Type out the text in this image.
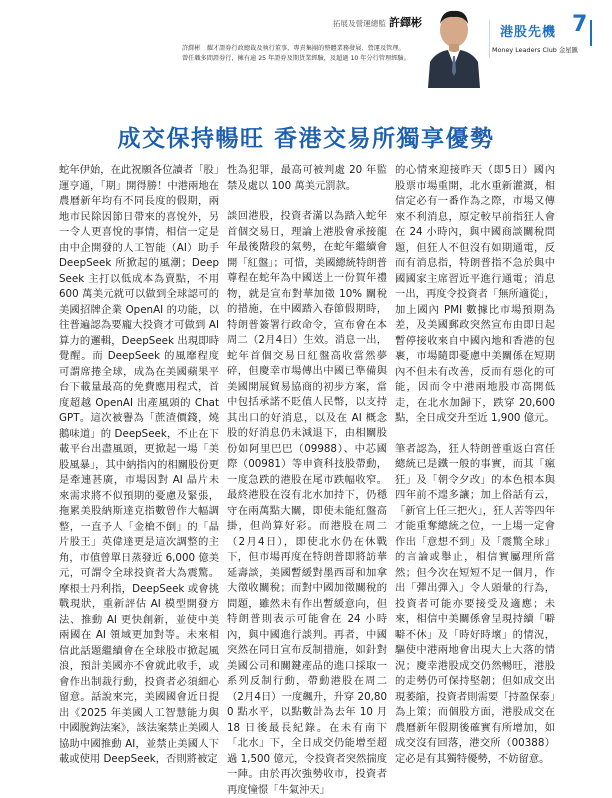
拓展及營運總監 許繹彬
許繹彬　耀才證券行政總裁及執行董事，專責集團的整體業務發展、營運及管理。
曾任職多間證券行，擁有逾 25 年證券及期貨業經驗，及超過 10 年分行管理經驗。
港股先機 7
Money Leaders Club 金星匯
成交保持暢旺 香港交易所獨享優勢

蛇年伊始，在此祝願各位讀者「股」運亨通，「期」開得勝！中港兩地在農曆新年均有不同長度的假期，兩地市民除因節日帶來的喜悅外，另一令人更喜悅的事情，相信一定是由中企開發的人工智能（AI）助手 DeepSeek 所掀起的風潮；DeepSeek 主打以低成本為賣點，不用 600 萬美元就可以做到全球認可的美國招牌企業 OpenAI 的功能，以往普遍認為要龐大投資才可做到 AI 算力的邏輯，DeepSeek 出現即時覺醒。而 DeepSeek 的風靡程度可謂席捲全球，成為在美國蘋果平台下載量最高的免費應用程式，首度超越 OpenAI 出產風頭的 ChatGPT。這次被譽為「蔗渣價錢，燒鵝味道」的 DeepSeek，不止在下載平台出盡風頭，更掀起一場「美股風暴」，其中納指內的相關股份更是牽連甚廣，市場因對 AI 晶片未來需求將不似預期的憂慮及緊張，拖累美股納斯達克指數曾作大幅調整，一直予人「金槍不倒」的「晶片股王」英偉達更是這次調整的主角，市值曾單日蒸發近 6,000 億美元，可謂令全球投資者大為震驚。摩根士丹利指，DeepSeek 或會挑戰現狀，重新評估 AI 模型開發方法、推動 AI 更快創新，並使中美兩國在 AI 領域更加對等。未來相信此話題繼續會在全球股市掀起風浪，預計美國亦不會就此收手，或會作出制裁行動，投資者必須細心留意。話說來完，美國國會近日提出《2025 年美國人工智慧能力與中國脫鉤法案》，該法案禁止美國人協助中國推動 AI，並禁止美國人下載或使用 DeepSeek，否則將被定

性為犯罪，最高可被判處 20 年監禁及處以 100 萬美元罰款。

談回港股，投資者滿以為踏入蛇年首個交易日，理論上港股會承接龍年最後階段的氣勢，在蛇年繼續會開「紅盤」；可惜，美國總統特朗普尊程在蛇年為中國送上一份賀年禮物，就是宣布對華加徵 10% 關稅的措施，在中國踏入春節假期時，特朗普簽署行政命令，宣布會在本周二（2月4日）生效。消息一出，蛇年首個交易日紅盤高收當然夢碎，但慶幸市場傳出中國已準備與美國開展貿易協商的初步方案，當中包括承諾不貶值人民幣，以支持其出口的好消息，以及在 AI 概念股的好消息仍未減退下，由相關股份如阿里巴巴（09988）、中芯國際（00981）等申資科技股帶動，一度急跌的港股在尾市跌幅收窄。最終港股在沒有北水加持下，仍穩守在兩萬點大關，即使未能紅盤高掛，但尚算好彩。而港股在周二（2月4日），即使北水仍在休戰下，但市場再度在特朗普即將訪華延壽談，美國暫緩對墨西哥和加拿大徵收關稅；而對中國加徵關稅的問題，雖然未有作出暫緩意向，但特朗普則表示可能會在 24 小時內，與中國進行談判。再者，中國突然在同日宣布反制措施，如針對美國公司和關鍵產品的進口採取一系列反制行動，帶動港股在周二（2月4日）一度飆升，升穿 20,800 點水平，以點數計為去年 10 月 18 日後最長紀錄。在未有南下「北水」下，全日成交仍能增至超過 1,500 億元，令投資者突然揣度一陣。由於再次強勢收市，投資者再度憧憬「牛氣沖天」

的心情來迎接昨天（即5日）國內股票市場重開，北水重新灌溉，相信定必有一番作為之際，市場又傳來不利消息，原定較早前指狂人會在 24 小時內，與中國商談關稅問題，但狂人不但沒有如期通電，反而有消息指，特朗普指不急於與中國國家主席習近平進行通電；消息一出，再度令投資者「無所適從」，加上國內 PMI 數據比市場預期為差，及美國郵政突然宣布由即日起暫停接收來自中國內地和香港的包裹，市場隨即憂慮中美關係在短期內不但未有改善，反而有惡化的可能，因而令中港兩地股市高開低走，在北水加歸下，跌穿 20,600 點，全日成交升至近 1,900 億元。

筆者認為，狂人特朗普重返白宮任總統已是鐵一般的事實，而其「瘋狂」及「朝令夕改」的本色根本與四年前不遑多讓；加上俗話有云，「新官上任三把火」，狂人苦等四年才能重奪總統之位，一上場一定會作出「意想不到」及「震驚全球」的言論或舉止，相信實屬理所當然；但今次在短短不足一個月，作出「彈出彈入」令人頭暈的行為，投資者可能亦要接受及適應；未來，相信中美關係會呈現持續「噼噼不休」及「時好時壞」的情況，驅使中港兩地會出現大上大落的情況；慶幸港股成交仍然暢旺，港股的走勢仍可保持堅韌；但如成交出現萎縮，投資者則需要「持盈保泰」為上策；而個股方面，港股成交在農曆新年假期後確實有所增加，如成交沒有回落，港交所（00388）定必是有其獨特優勢，不妨留意。
